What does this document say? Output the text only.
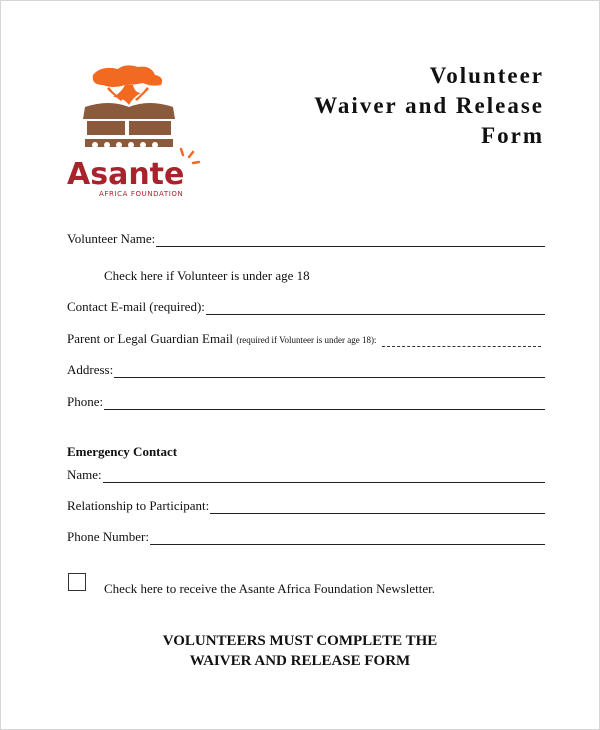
Asante
AFRICA FOUNDATION
Volunteer
Waiver and Release
Form
Volunteer Name:
Check here if Volunteer is under age 18
Contact E-mail (required):
Parent or Legal Guardian Email (required if Volunteer is under age 18):
Address:
Phone:
Emergency Contact
Name:
Relationship to Participant:
Phone Number:
Check here to receive the Asante Africa Foundation Newsletter.
VOLUNTEERS MUST COMPLETE THE
WAIVER AND RELEASE FORM
